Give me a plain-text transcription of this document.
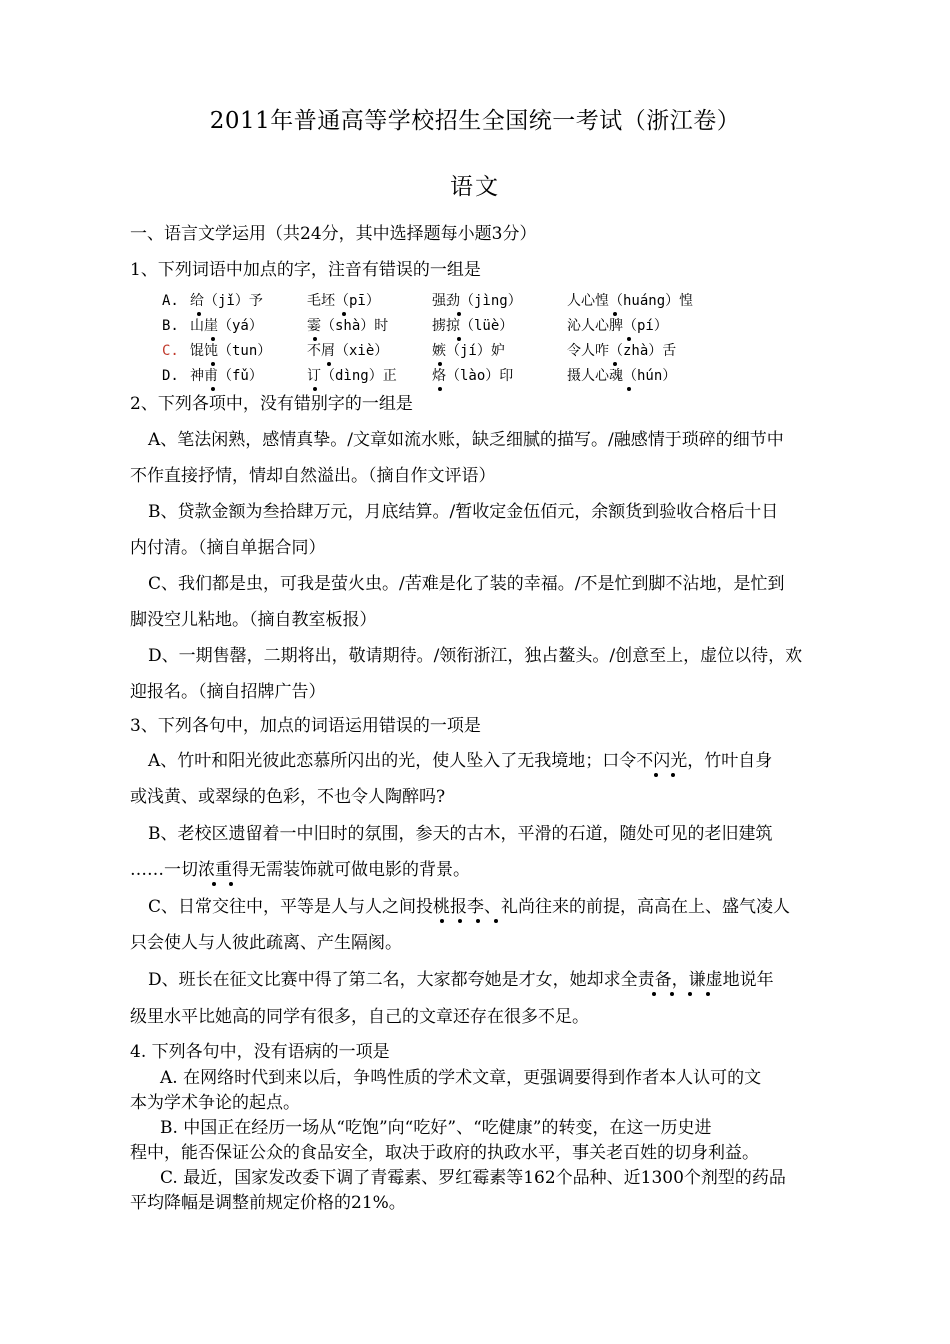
2011年普通高等学校招生全国统一考试（浙江卷）
语文
一、语言文学运用（共24分，其中选择题每小题3分）
1、下列词语中加点的字，注音有错误的一组是
A. 给（jǐ）予	毛坯（pī）	强劲（jìng）	人心惶（huáng）惶
B. 山崖（yá）	霎（shà）时	掳掠（lüè）	沁人心脾（pí）
C. 馄饨（tun）	不屑（xiè）	嫉（jí）妒	令人咋（zhà）舌
D. 神甫（fǔ）	订（dìng）正	烙（lào）印	摄人心魂（hún）
2、下列各项中，没有错别字的一组是
A、笔法闲熟，感情真挚。/文章如流水账，缺乏细腻的描写。/融感情于琐碎的细节中
不作直接抒情，情却自然溢出。（摘自作文评语）
B、贷款金额为叁拾肆万元，月底结算。/暂收定金伍佰元，余额货到验收合格后十日
内付清。（摘自单据合同）
C、我们都是虫，可我是萤火虫。/苦难是化了装的幸福。/不是忙到脚不沾地，是忙到
脚没空儿粘地。（摘自教室板报）
D、一期售罄，二期将出，敬请期待。/领衔浙江，独占鳌头。/创意至上，虚位以待，欢
迎报名。（摘自招牌广告）
3、下列各句中，加点的词语运用错误的一项是
A、竹叶和阳光彼此恋慕所闪出的光，使人坠入了无我境地；口令不闪光，竹叶自身
或浅黄、或翠绿的色彩，不也令人陶醉吗?
B、老校区遗留着一中旧时的氛围，参天的古木，平滑的石道，随处可见的老旧建筑
……一切浓重得无需装饰就可做电影的背景。
C、日常交往中，平等是人与人之间投桃报李、礼尚往来的前提，高高在上、盛气凌人
只会使人与人彼此疏离、产生隔阂。
D、班长在征文比赛中得了第二名，大家都夸她是才女，她却求全责备，谦虚地说年
级里水平比她高的同学有很多，自己的文章还存在很多不足。
4. 下列各句中，没有语病的一项是
A. 在网络时代到来以后，争鸣性质的学术文章，更强调要得到作者本人认可的文
本为学术争论的起点。
B. 中国正在经历一场从“吃饱”向“吃好”、“吃健康”的转变，在这一历史进
程中，能否保证公众的食品安全，取决于政府的执政水平，事关老百姓的切身利益。
C. 最近，国家发改委下调了青霉素、罗红霉素等162个品种、近1300个剂型的药品
平均降幅是调整前规定价格的21%。
